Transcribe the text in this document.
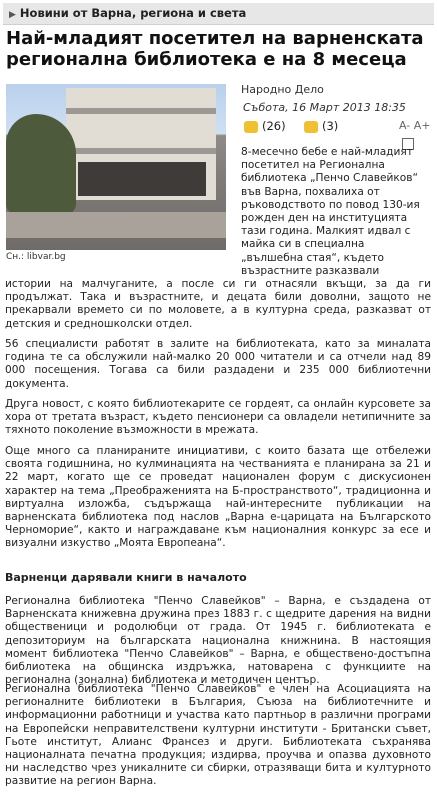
▶ Новини от Варна, региона и света
Най-младият посетител на варненската регионална библиотека е на 8 месеца
Сн.: libvar.bg
Народно Дело
Събота, 16 Март 2013 18:35
(26)	(3)	A- A+
8-месечно бебе е най-младият
посетител на Регионална
библиотека „Пенчо Славейков“
във Варна, похвалиха от
ръководството по повод 130-ия
рожден ден на институцията
тази година. Малкият идвал с
майка си в специална
„вълшебна стая“, където
възрастните разказвали

истории на малчуганите, а после си ги отнасяли вкъщи, за да ги продължат. Така и възрастните, и децата били доволни, защото не прекарвали времето си по моловете, а в културна среда, разказват от детския и средношколски отдел.

56 специалисти работят в залите на библиотеката, като за миналата година те са обслужили най-малко 20 000 читатели и са отчели над 89 000 посещения. Тогава са били раздадени и 235 000 библиотечни документа.

Друга новост, с която библиотекарите се гордеят, са онлайн курсовете за хора от третата възраст, където пенсионери са овладели нетипичните за тяхното поколение възможности в мрежата.

Още много са планираните инициативи, с които базата ще отбележи своята годишнина, но кулминацията на честванията е планирана за 21 и 22 март, когато ще се проведат национален форум с дискусионен характер на тема „Преображенията на Б-пространството“, традиционна и виртуална изложба, съдържаща най-интересните публикации на варненската библиотека под наслов „Варна е-царицата на Българското Черноморие“, както и награждаване към националния конкурс за есе и визуални изкуство „Моята Европеана“.

Варненци дарявали книги в началото

Регионална библиотека "Пенчо Славейков" – Варна, е създадена от Варненската книжевна дружина през 1883 г. с щедрите дарения на видни общественици и родолюбци от града. От 1945 г. библиотеката е депозиториум на българската национална книжнина. В настоящия момент библиотека "Пенчо Славейков" – Варна, е обществено-достъпна библиотека на общинска издръжка, натоварена с функциите на регионална (зонална) библиотека и методичен център.

Регионална библиотека "Пенчо Славейков" е член на Асоциацията на регионалните библиотеки в България, Съюза на библиотечните и информационни работници и участва като партньор в различни програми на Европейски неправителствени културни институти - Британски съвет, Гьоте институт, Алианс Франсез и други. Библиотеката съхранява националната печатна продукция; издирва, проучва и опазва духовното ни наследство чрез уникалните си сбирки, отразяващи бита и културното развитие на регион Варна.
